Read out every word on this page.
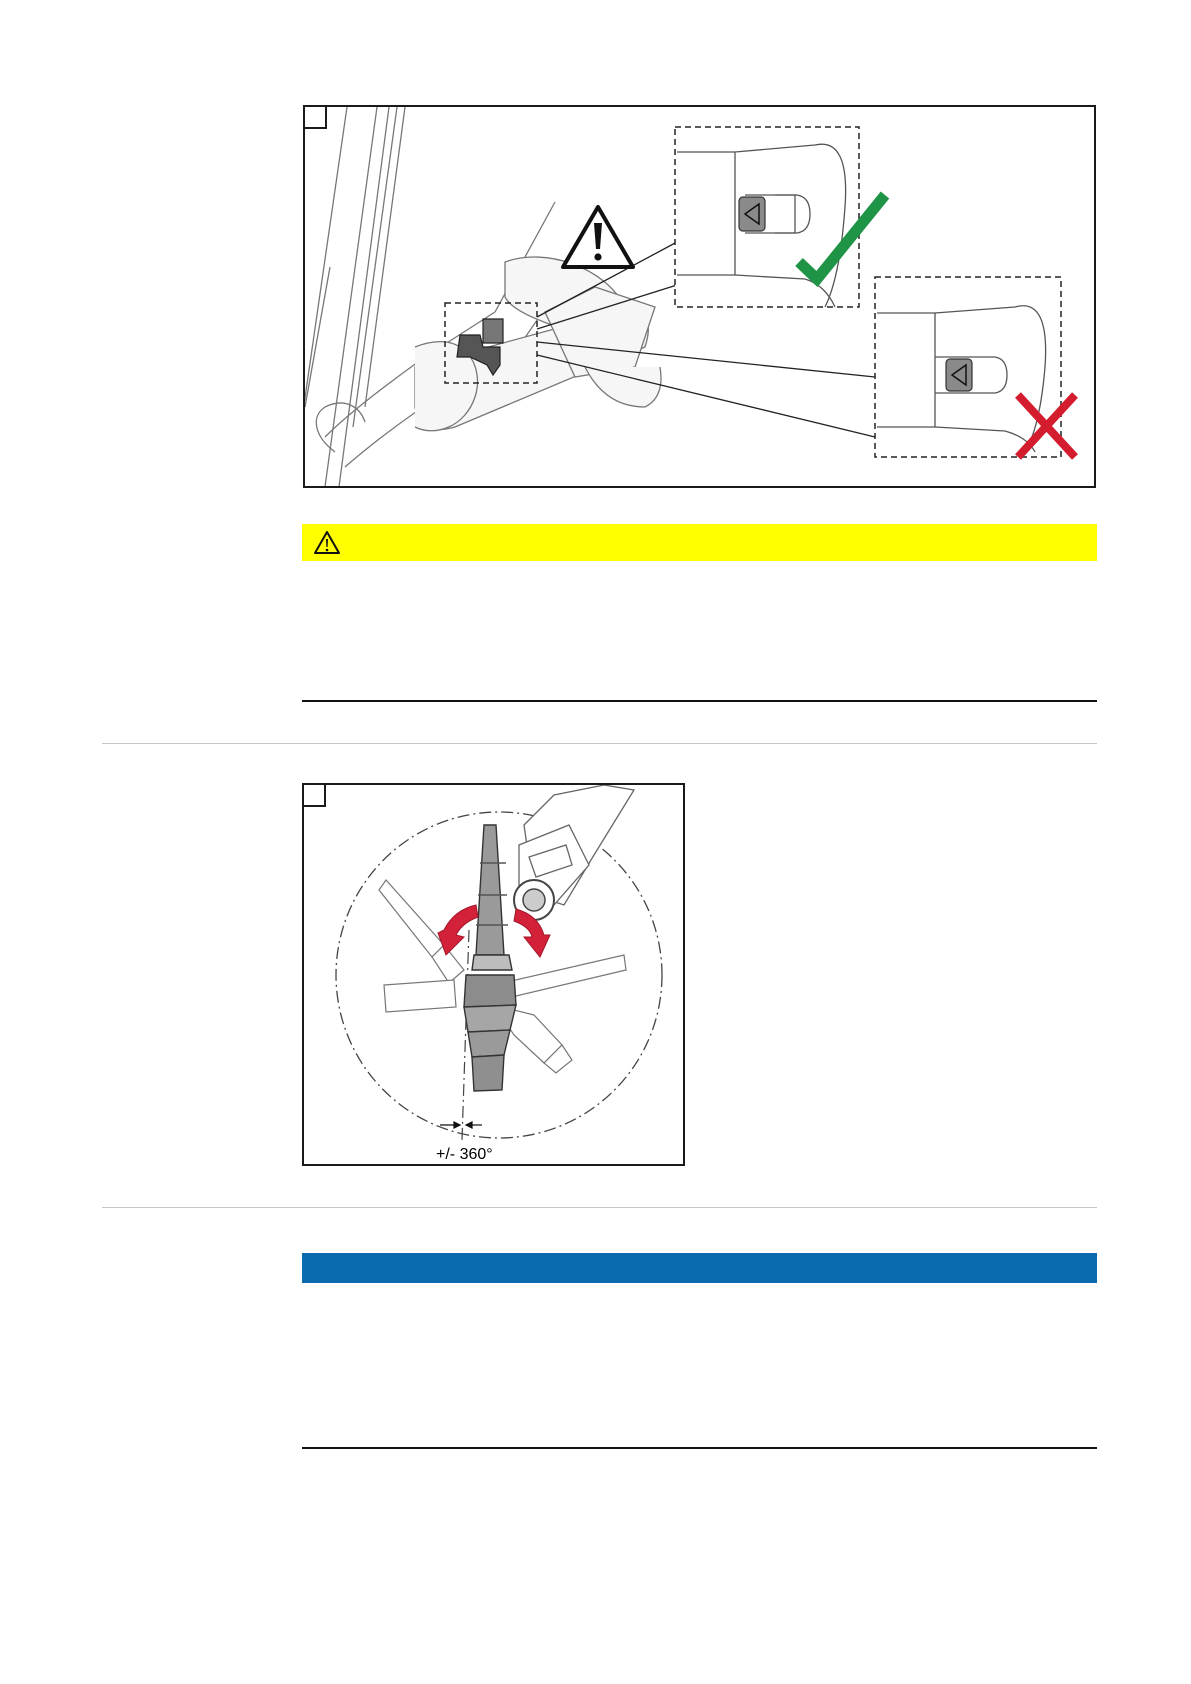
+/- 360°
